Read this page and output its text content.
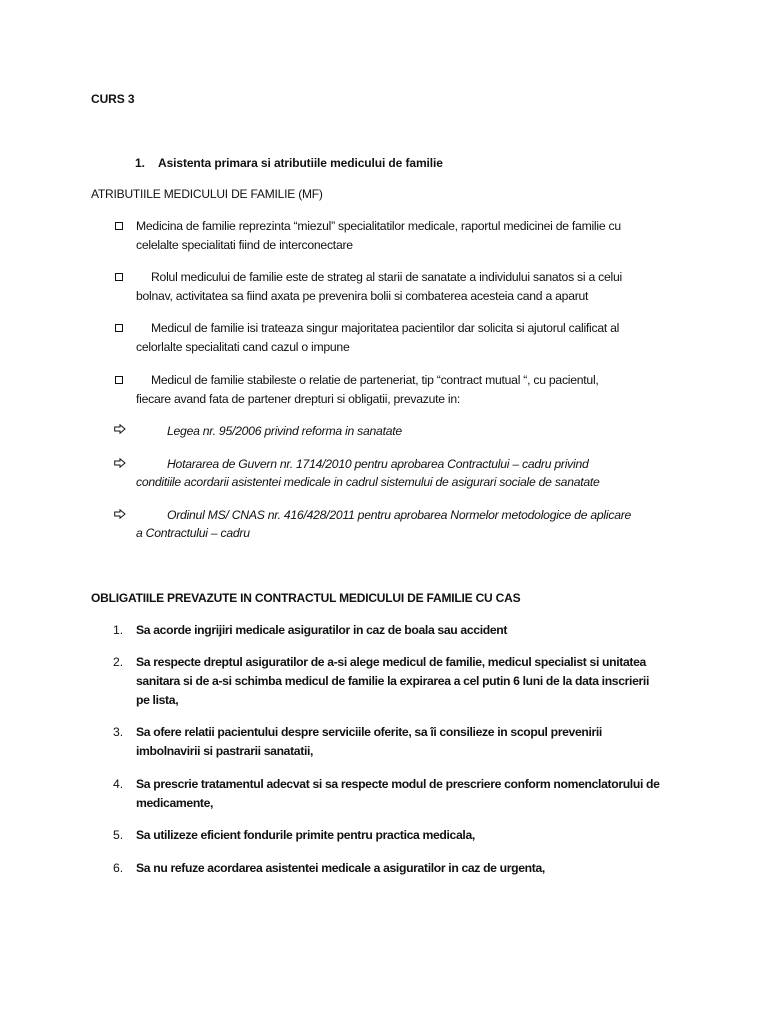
CURS 3
1.	Asistenta primara si atributiile medicului de familie
ATRIBUTIILE MEDICULUI DE FAMILIE (MF)
Medicina de familie reprezinta “miezul” specialitatilor medicale, raportul medicinei de familie cu
celelalte specialitati fiind de interconectare
Rolul medicului de familie este de strateg al starii de sanatate a individului sanatos si a celui
bolnav, activitatea sa fiind axata pe prevenira bolii si combaterea acesteia cand a aparut
Medicul de familie isi trateaza singur majoritatea pacientilor dar solicita si ajutorul calificat al
celorlalte specialitati cand cazul o impune
Medicul de familie stabileste o relatie de parteneriat, tip “contract mutual “, cu pacientul,
fiecare avand fata de partener drepturi si obligatii, prevazute in:
Legea nr. 95/2006 privind reforma in sanatate
Hotararea de Guvern nr. 1714/2010 pentru aprobarea Contractului – cadru privind
conditiile acordarii asistentei medicale in cadrul sistemului de asigurari sociale de sanatate
Ordinul MS/ CNAS nr. 416/428/2011 pentru aprobarea Normelor metodologice de aplicare
a Contractului – cadru
OBLIGATIILE PREVAZUTE IN CONTRACTUL MEDICULUI DE FAMILIE CU CAS
1. Sa acorde ingrijiri medicale asiguratilor in caz de boala sau accident
2. Sa respecte dreptul asiguratilor de a-si alege medicul de familie, medicul specialist si unitatea
sanitara si de a-si schimba medicul de familie la expirarea a cel putin 6 luni de la data inscrierii
pe lista,
3. Sa ofere relatii pacientului despre serviciile oferite, sa îi consilieze in scopul prevenirii
imbolnavirii si pastrarii sanatatii,
4. Sa prescrie tratamentul adecvat si sa respecte modul de prescriere conform nomenclatorului de
medicamente,
5. Sa utilizeze eficient fondurile primite pentru practica medicala,
6. Sa nu refuze acordarea asistentei medicale a asiguratilor in caz de urgenta,
